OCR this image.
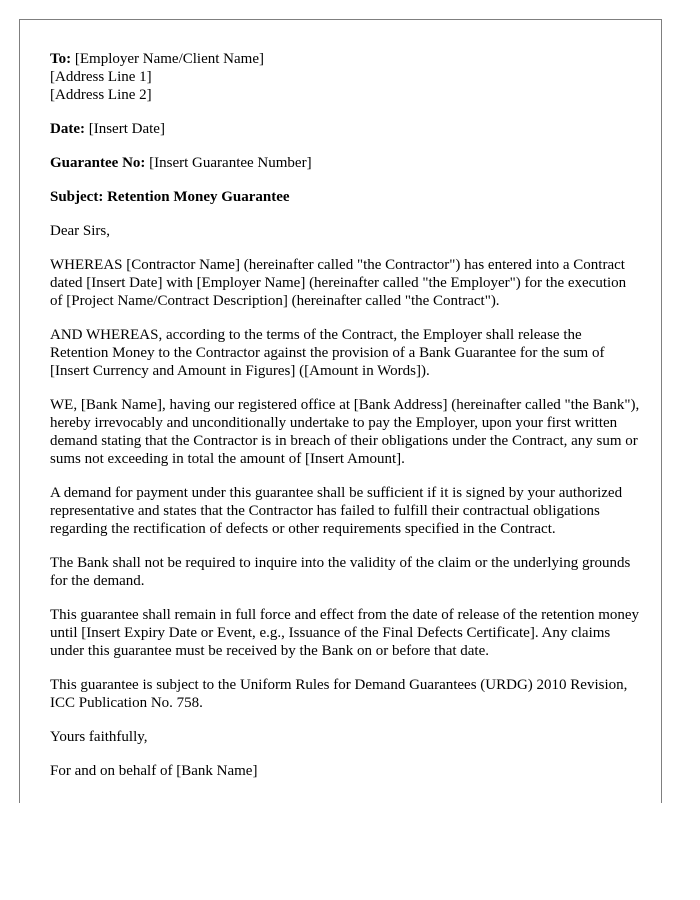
To: [Employer Name/Client Name]
[Address Line 1]
[Address Line 2]

Date: [Insert Date]

Guarantee No: [Insert Guarantee Number]

Subject: Retention Money Guarantee

Dear Sirs,

WHEREAS [Contractor Name] (hereinafter called "the Contractor") has entered into a Contract dated [Insert Date] with [Employer Name] (hereinafter called "the Employer") for the execution of [Project Name/Contract Description] (hereinafter called "the Contract").

AND WHEREAS, according to the terms of the Contract, the Employer shall release the Retention Money to the Contractor against the provision of a Bank Guarantee for the sum of [Insert Currency and Amount in Figures] ([Amount in Words]).

WE, [Bank Name], having our registered office at [Bank Address] (hereinafter called "the Bank"), hereby irrevocably and unconditionally undertake to pay the Employer, upon your first written demand stating that the Contractor is in breach of their obligations under the Contract, any sum or sums not exceeding in total the amount of [Insert Amount].

A demand for payment under this guarantee shall be sufficient if it is signed by your authorized representative and states that the Contractor has failed to fulfill their contractual obligations regarding the rectification of defects or other requirements specified in the Contract.

The Bank shall not be required to inquire into the validity of the claim or the underlying grounds for the demand.

This guarantee shall remain in full force and effect from the date of release of the retention money until [Insert Expiry Date or Event, e.g., Issuance of the Final Defects Certificate]. Any claims under this guarantee must be received by the Bank on or before that date.

This guarantee is subject to the Uniform Rules for Demand Guarantees (URDG) 2010 Revision, ICC Publication No. 758.

Yours faithfully,

For and on behalf of [Bank Name]
